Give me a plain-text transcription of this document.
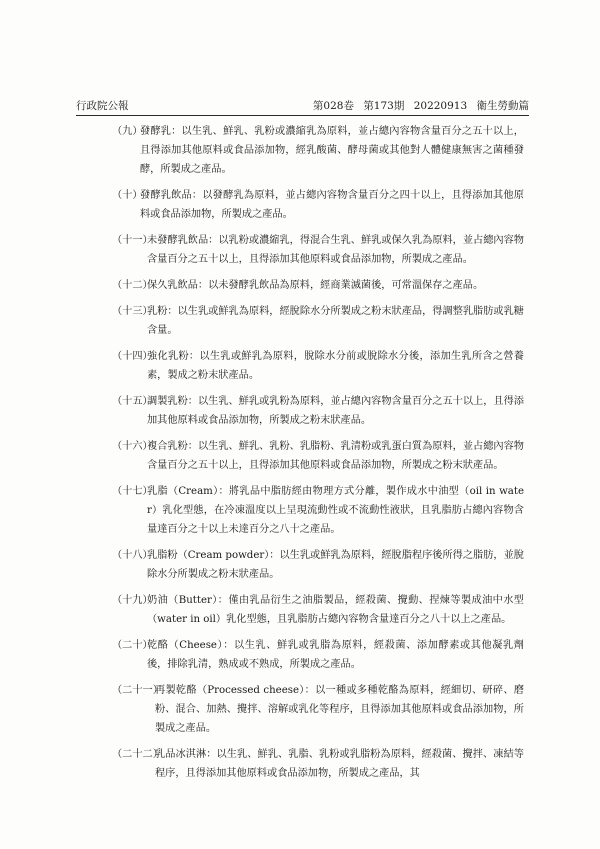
行政院公報	第028卷 第173期 20220913 衛生勞動篇
（九）
發酵乳：以生乳、鮮乳、乳粉或濃縮乳為原料，並占總內容物含量百分之五十以上，且得添加其他原料或食品添加物，經乳酸菌、酵母菌或其他對人體健康無害之菌種發酵，所製成之產品。
（十）
發酵乳飲品：以發酵乳為原料，並占總內容物含量百分之四十以上，且得添加其他原料或食品添加物，所製成之產品。
（十一）
未發酵乳飲品：以乳粉或濃縮乳，得混合生乳、鮮乳或保久乳為原料，並占總內容物含量百分之五十以上，且得添加其他原料或食品添加物，所製成之產品。
（十二）
保久乳飲品：以未發酵乳飲品為原料，經商業滅菌後，可常溫保存之產品。
（十三）
乳粉：以生乳或鮮乳為原料，經脫除水分所製成之粉末狀產品，得調整乳脂肪或乳糖含量。
（十四）
強化乳粉：以生乳或鮮乳為原料，脫除水分前或脫除水分後，添加生乳所含之營養素，製成之粉末狀產品。
（十五）
調製乳粉：以生乳、鮮乳或乳粉為原料，並占總內容物含量百分之五十以上，且得添加其他原料或食品添加物，所製成之粉末狀產品。
（十六）
複合乳粉：以生乳、鮮乳、乳粉、乳脂粉、乳清粉或乳蛋白質為原料，並占總內容物含量百分之五十以上，且得添加其他原料或食品添加物，所製成之粉末狀產品。
（十七）
乳脂（Cream）：將乳品中脂肪經由物理方式分離，製作成水中油型（oil in water）乳化型態，在冷凍溫度以上呈現流動性或不流動性液狀，且乳脂肪占總內容物含量達百分之十以上未達百分之八十之產品。
（十八）
乳脂粉（Cream powder）：以生乳或鮮乳為原料，經脫脂程序後所得之脂肪，並脫除水分所製成之粉末狀產品。
（十九）
奶油（Butter）：僅由乳品衍生之油脂製品，經殺菌、攪動、捏煉等製成油中水型（water in oil）乳化型態，且乳脂肪占總內容物含量達百分之八十以上之產品。
（二十）
乾酪（Cheese）：以生乳、鮮乳或乳脂為原料，經殺菌、添加酵素或其他凝乳劑後，排除乳清，熟成或不熟成，所製成之產品。
（二十一）
再製乾酪（Processed cheese）：以一種或多種乾酪為原料，經細切、研碎、磨粉、混合、加熱、攪拌、溶解或乳化等程序，且得添加其他原料或食品添加物，所製成之產品。
（二十二）
乳品冰淇淋：以生乳、鮮乳、乳脂、乳粉或乳脂粉為原料，經殺菌、攪拌、凍結等程序，且得添加其他原料或食品添加物，所製成之產品，其
